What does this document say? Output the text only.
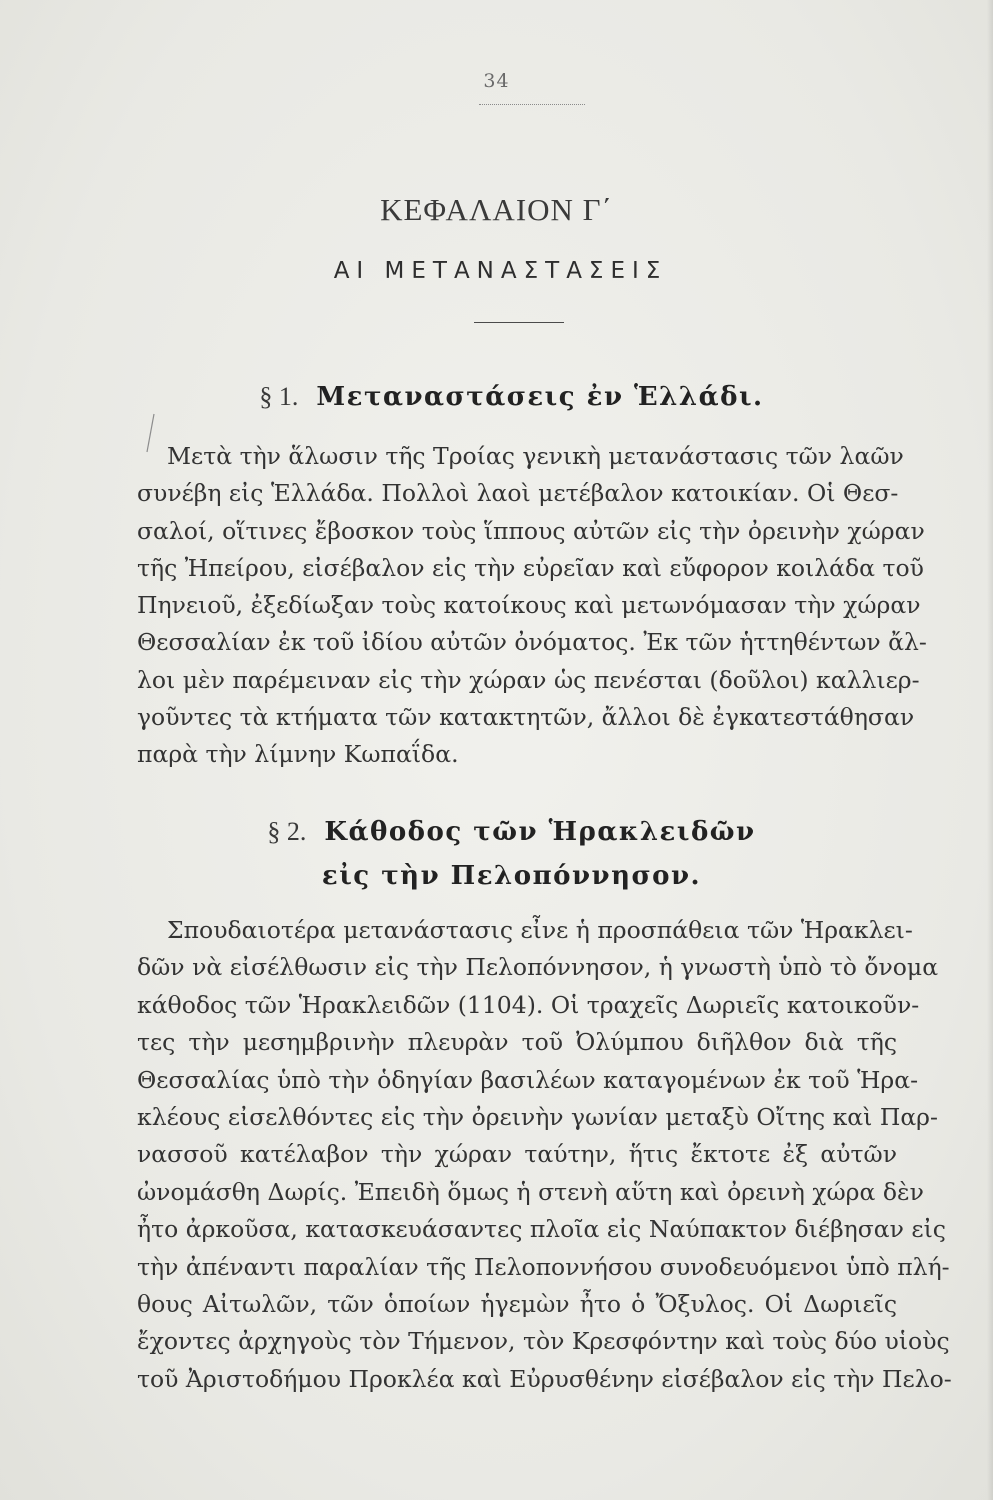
34
ΚΕΦΑΛΑΙΟΝ Γ΄
ΑΙ ΜΕΤΑΝΑΣΤΑΣΕΙΣ
§ 1. Μεταναστάσεις ἐν Ἑλλάδι.
Μετὰ τὴν ἅλωσιν τῆς Τροίας γενικὴ μετανάστασις τῶν λαῶν
συνέβη εἰς Ἑλλάδα. Πολλοὶ λαοὶ μετέβαλον κατοικίαν. Οἱ Θεσ-
σαλοί, οἵτινες ἔβοσκον τοὺς ἵππους αὐτῶν εἰς τὴν ὀρεινὴν χώραν
τῆς Ἠπείρου, εἰσέβαλον εἰς τὴν εὐρεῖαν καὶ εὔφορον κοιλάδα τοῦ
Πηνειοῦ, ἐξεδίωξαν τοὺς κατοίκους καὶ μετωνόμασαν τὴν χώραν
Θεσσαλίαν ἐκ τοῦ ἰδίου αὐτῶν ὀνόματος. Ἐκ τῶν ἡττηθέντων ἄλ-
λοι μὲν παρέμειναν εἰς τὴν χώραν ὡς πενέσται (δοῦλοι) καλλιερ-
γοῦντες τὰ κτήματα τῶν κατακτητῶν, ἄλλοι δὲ ἐγκατεστάθησαν
παρὰ τὴν λίμνην Κωπαΐδα.
§ 2. Κάθοδος τῶν Ἡρακλειδῶν
εἰς τὴν Πελοπόννησον.
Σπουδαιοτέρα μετανάστασις εἶνε ἡ προσπάθεια τῶν Ἡρακλει-
δῶν νὰ εἰσέλθωσιν εἰς τὴν Πελοπόννησον, ἡ γνωστὴ ὑπὸ τὸ ὄνομα
κάθοδος τῶν Ἡρακλειδῶν (1104). Οἱ τραχεῖς Δωριεῖς κατοικοῦν-
τες τὴν μεσημβρινὴν πλευρὰν τοῦ Ὀλύμπου διῆλθον διὰ τῆς
Θεσσαλίας ὑπὸ τὴν ὁδηγίαν βασιλέων καταγομένων ἐκ τοῦ Ἡρα-
κλέους εἰσελθόντες εἰς τὴν ὀρεινὴν γωνίαν μεταξὺ Οἴτης καὶ Παρ-
νασσοῦ κατέλαβον τὴν χώραν ταύτην, ἥτις ἔκτοτε ἐξ αὐτῶν
ὠνομάσθη Δωρίς. Ἐπειδὴ ὅμως ἡ στενὴ αὕτη καὶ ὀρεινὴ χώρα δὲν
ἦτο ἀρκοῦσα, κατασκευάσαντες πλοῖα εἰς Ναύπακτον διέβησαν εἰς
τὴν ἀπέναντι παραλίαν τῆς Πελοποννήσου συνοδευόμενοι ὑπὸ πλή-
θους Αἰτωλῶν, τῶν ὁποίων ἡγεμὼν ἦτο ὁ Ὄξυλος. Οἱ Δωριεῖς
ἔχοντες ἀρχηγοὺς τὸν Τήμενον, τὸν Κρεσφόντην καὶ τοὺς δύο υἱοὺς
τοῦ Ἀριστοδήμου Προκλέα καὶ Εὐρυσθένην εἰσέβαλον εἰς τὴν Πελο-
